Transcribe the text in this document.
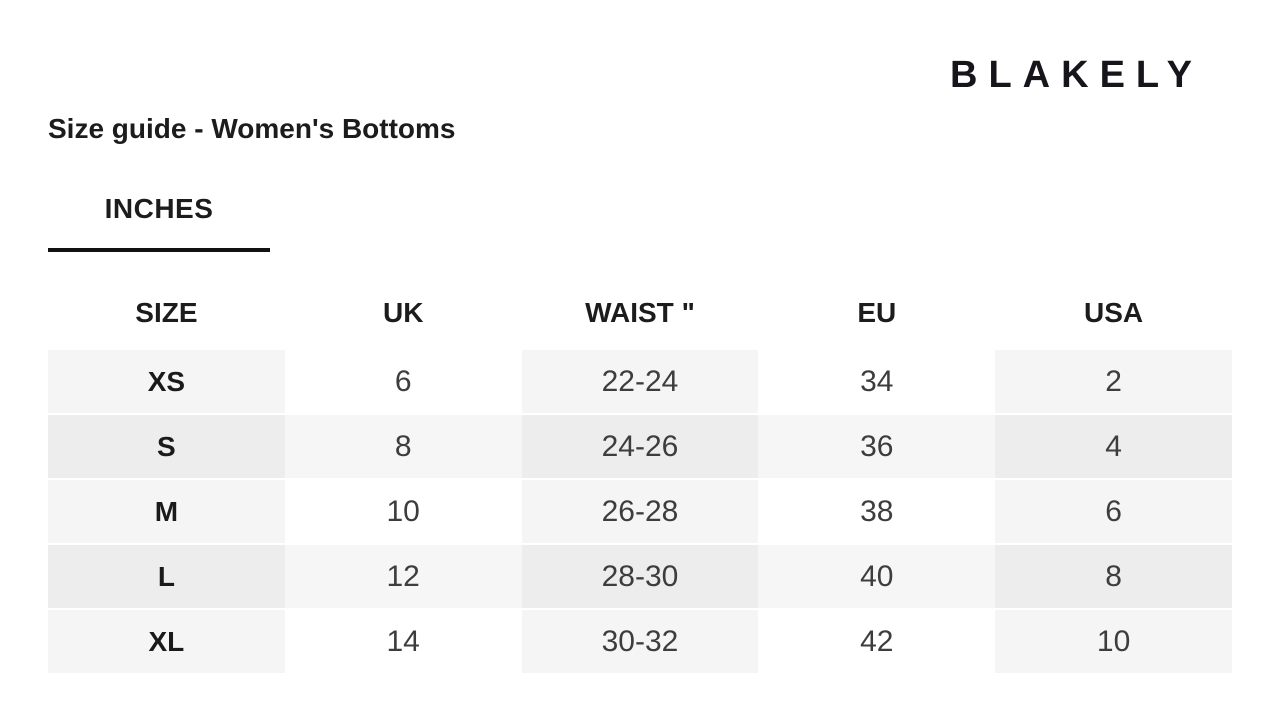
BLAKELY
Size guide - Women's Bottoms
INCHES
SIZE	UK	WAIST "	EU	USA
XS	6	22-24	34	2
S	8	24-26	36	4
M	10	26-28	38	6
L	12	28-30	40	8
XL	14	30-32	42	10
